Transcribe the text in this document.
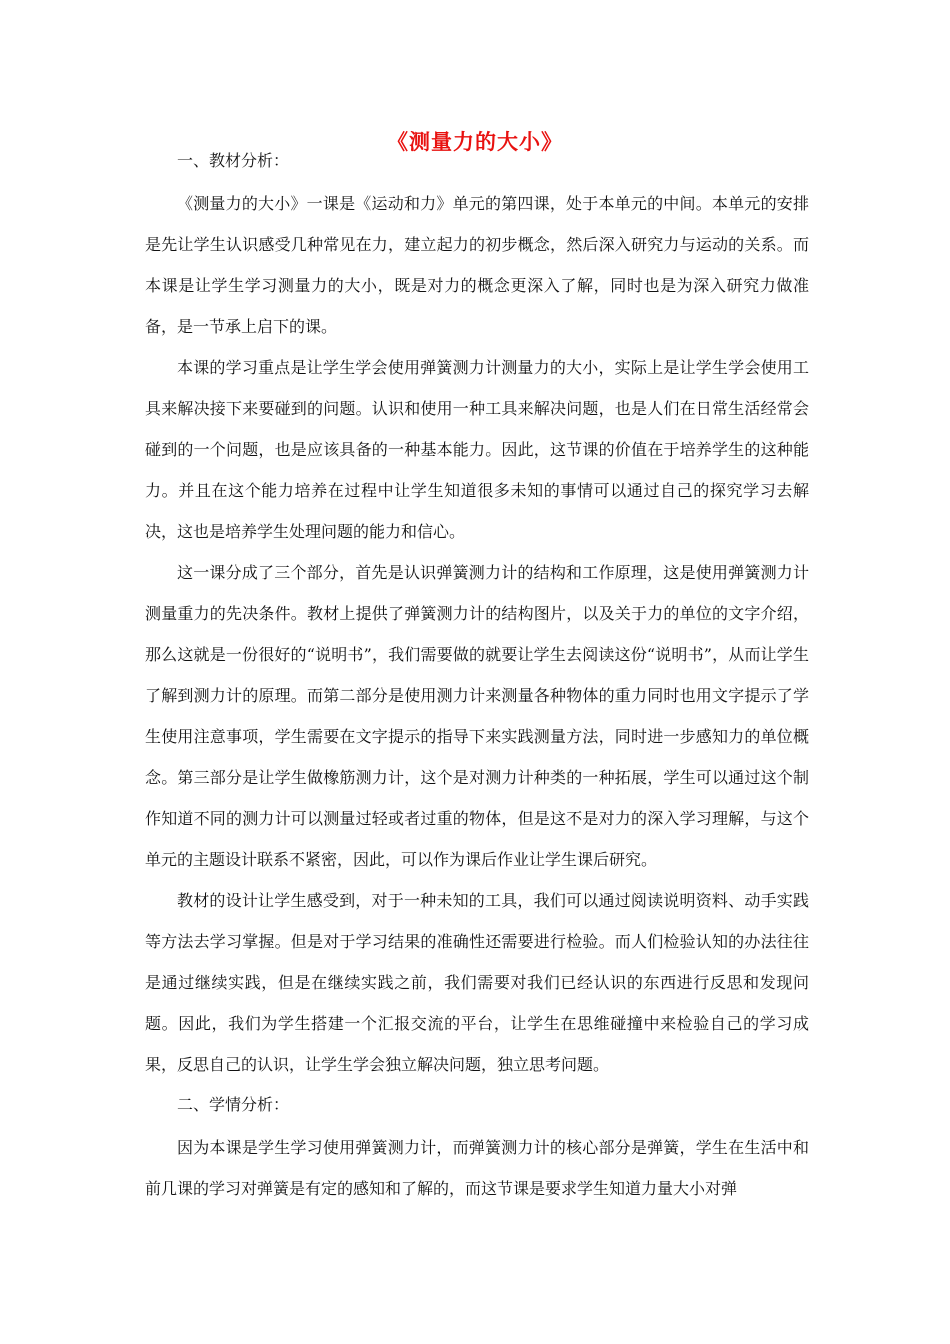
《测量力的大小》

一、教材分析：

《测量力的大小》一课是《运动和力》单元的第四课，处于本单元的中间。本单元的安排是先让学生认识感受几种常见在力，建立起力的初步概念，然后深入研究力与运动的关系。而本课是让学生学习测量力的大小，既是对力的概念更深入了解，同时也是为深入研究力做准备，是一节承上启下的课。

本课的学习重点是让学生学会使用弹簧测力计测量力的大小，实际上是让学生学会使用工具来解决接下来要碰到的问题。认识和使用一种工具来解决问题，也是人们在日常生活经常会碰到的一个问题，也是应该具备的一种基本能力。因此，这节课的价值在于培养学生的这种能力。并且在这个能力培养在过程中让学生知道很多未知的事情可以通过自己的探究学习去解决，这也是培养学生处理问题的能力和信心。

这一课分成了三个部分，首先是认识弹簧测力计的结构和工作原理，这是使用弹簧测力计测量重力的先决条件。教材上提供了弹簧测力计的结构图片，以及关于力的单位的文字介绍，那么这就是一份很好的“说明书”，我们需要做的就要让学生去阅读这份“说明书”，从而让学生了解到测力计的原理。而第二部分是使用测力计来测量各种物体的重力同时也用文字提示了学生使用注意事项，学生需要在文字提示的指导下来实践测量方法，同时进一步感知力的单位概念。第三部分是让学生做橡筋测力计，这个是对测力计种类的一种拓展，学生可以通过这个制作知道不同的测力计可以测量过轻或者过重的物体，但是这不是对力的深入学习理解，与这个单元的主题设计联系不紧密，因此，可以作为课后作业让学生课后研究。

教材的设计让学生感受到，对于一种未知的工具，我们可以通过阅读说明资料、动手实践等方法去学习掌握。但是对于学习结果的准确性还需要进行检验。而人们检验认知的办法往往是通过继续实践，但是在继续实践之前，我们需要对我们已经认识的东西进行反思和发现问题。因此，我们为学生搭建一个汇报交流的平台，让学生在思维碰撞中来检验自己的学习成果，反思自己的认识，让学生学会独立解决问题，独立思考问题。

二、学情分析：

因为本课是学生学习使用弹簧测力计，而弹簧测力计的核心部分是弹簧，学生在生活中和前几课的学习对弹簧是有定的感知和了解的，而这节课是要求学生知道力量大小对弹
